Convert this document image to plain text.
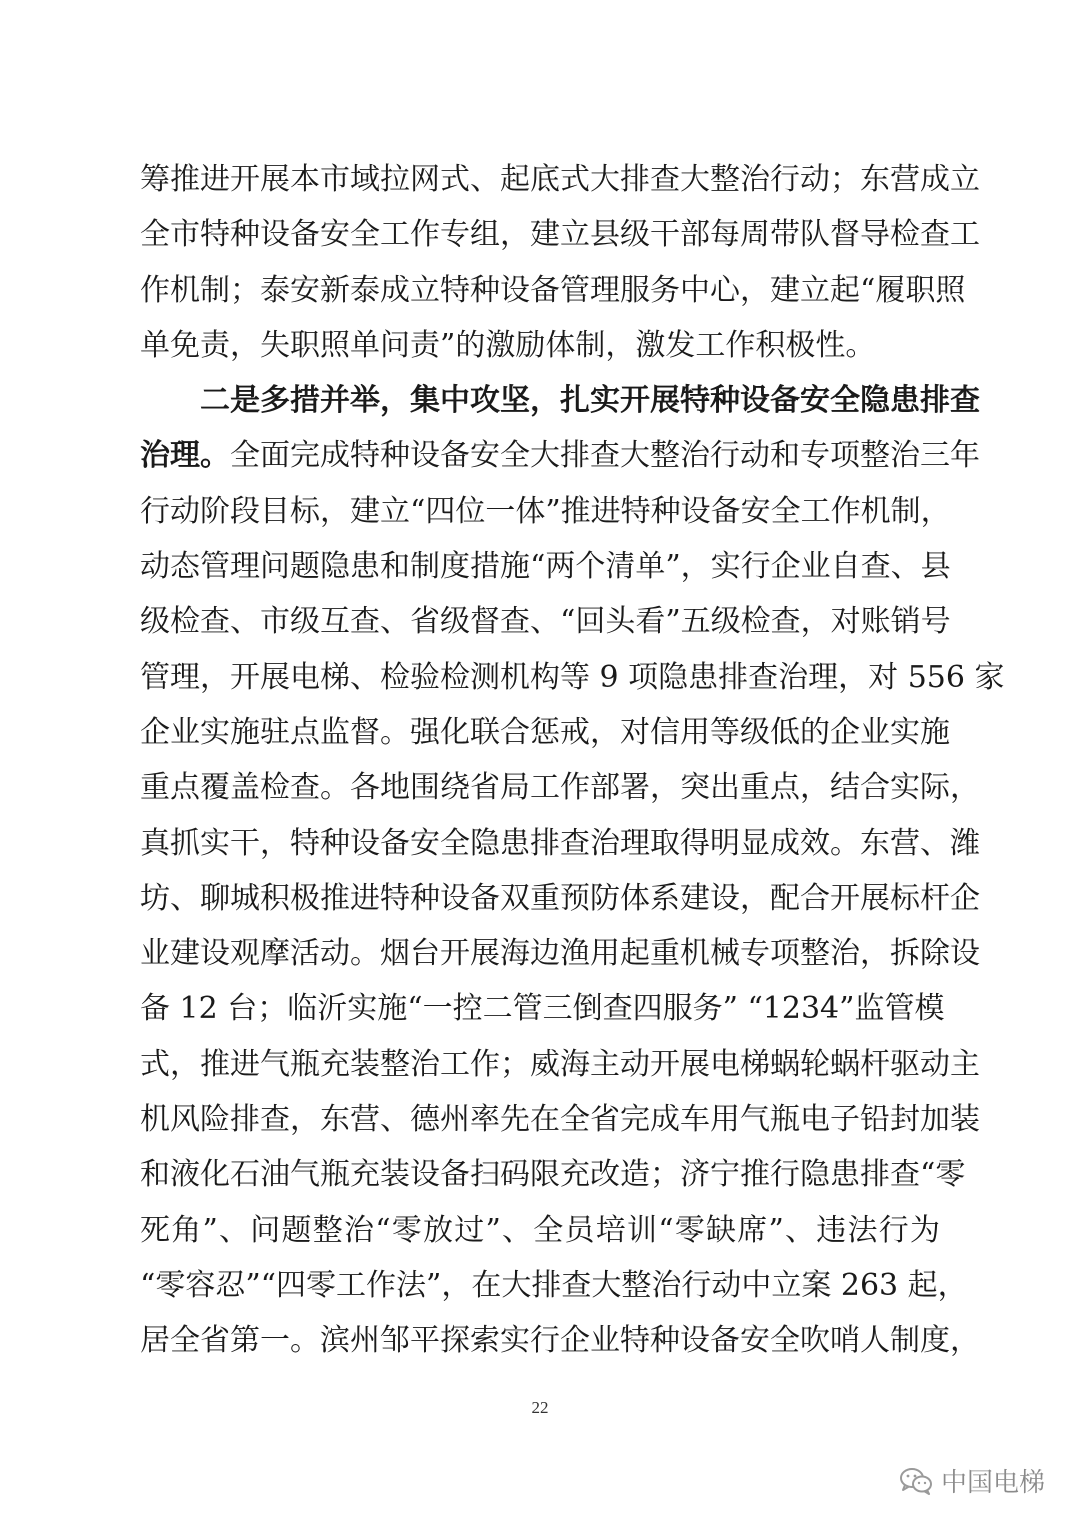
筹推进开展本市域拉网式、起底式大排查大整治行动；东营成立
全市特种设备安全工作专组，建立县级干部每周带队督导检查工
作机制；泰安新泰成立特种设备管理服务中心，建立起“履职照
单免责，失职照单问责”的激励体制，激发工作积极性。
二是多措并举，集中攻坚，扎实开展特种设备安全隐患排查
治理。全面完成特种设备安全大排查大整治行动和专项整治三年
行动阶段目标，建立“四位一体”推进特种设备安全工作机制，
动态管理问题隐患和制度措施“两个清单”，实行企业自查、县
级检查、市级互查、省级督查、“回头看”五级检查，对账销号
管理，开展电梯、检验检测机构等 9 项隐患排查治理，对 556 家
企业实施驻点监督。强化联合惩戒，对信用等级低的企业实施
重点覆盖检查。各地围绕省局工作部署，突出重点，结合实际，
真抓实干，特种设备安全隐患排查治理取得明显成效。东营、潍
坊、聊城积极推进特种设备双重预防体系建设，配合开展标杆企
业建设观摩活动。烟台开展海边渔用起重机械专项整治，拆除设
备 12 台；临沂实施“一控二管三倒查四服务” “1234”监管模
式，推进气瓶充装整治工作；威海主动开展电梯蜗轮蜗杆驱动主
机风险排查，东营、德州率先在全省完成车用气瓶电子铅封加装
和液化石油气瓶充装设备扫码限充改造；济宁推行隐患排查“零
死角”、问题整治“零放过”、全员培训“零缺席”、违法行为
“零容忍”“四零工作法”，在大排查大整治行动中立案 263 起，
居全省第一。滨州邹平探索实行企业特种设备安全吹哨人制度，
22
中国电梯
